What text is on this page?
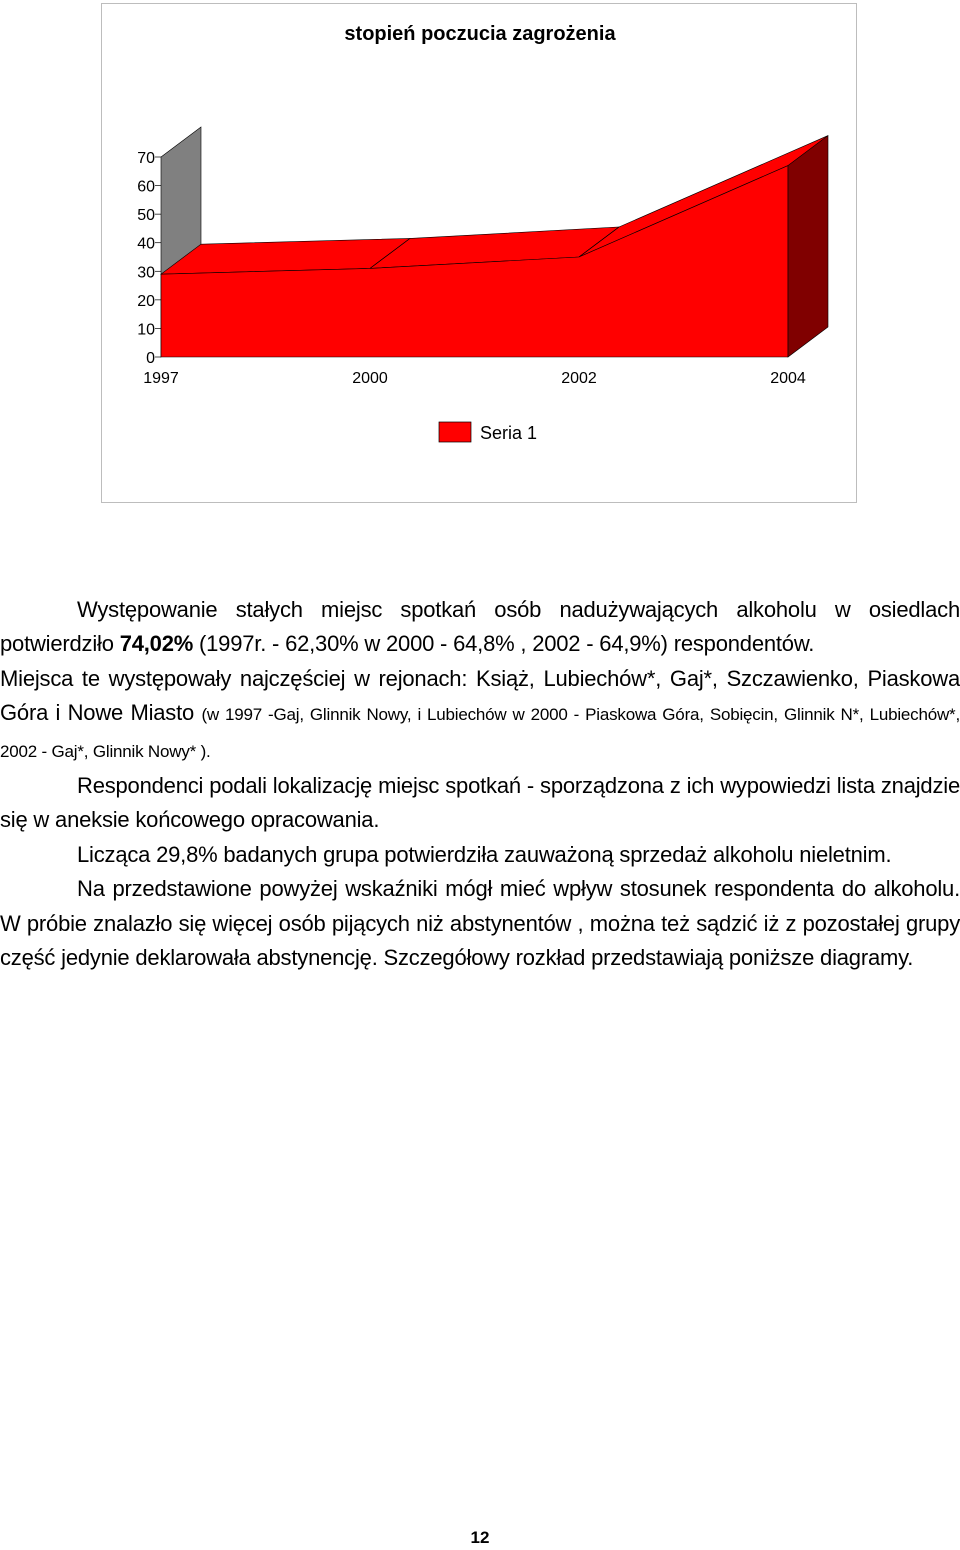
stopień poczucia zagrożenia
70
60
50
40
30
20
10
0
1997	2000	2002	2004
Seria 1

Występowanie stałych miejsc spotkań osób nadużywających alkoholu w osiedlach potwierdziło 74,02% (1997r. - 62,30% w 2000 - 64,8% , 2002 - 64,9%) respondentów.

Miejsca te występowały najczęściej w rejonach: Książ, Lubiechów*, Gaj*, Szczawienko, Piaskowa Góra i Nowe Miasto (w 1997 -Gaj, Glinnik Nowy, i Lubiechów w 2000 - Piaskowa Góra, Sobięcin, Glinnik N*, Lubiechów*, 2002 - Gaj*, Glinnik Nowy* ).

Respondenci podali lokalizację miejsc spotkań - sporządzona z ich wypowiedzi lista znajdzie się w aneksie końcowego opracowania.

Licząca 29,8% badanych grupa potwierdziła zauważoną sprzedaż alkoholu nieletnim.

Na przedstawione powyżej wskaźniki mógł mieć wpływ stosunek respondenta do alkoholu. W próbie znalazło się więcej osób pijących niż abstynentów , można też sądzić iż z pozostałej grupy część jedynie deklarowała abstynencję. Szczegółowy rozkład przedstawiają poniższe diagramy.

12
